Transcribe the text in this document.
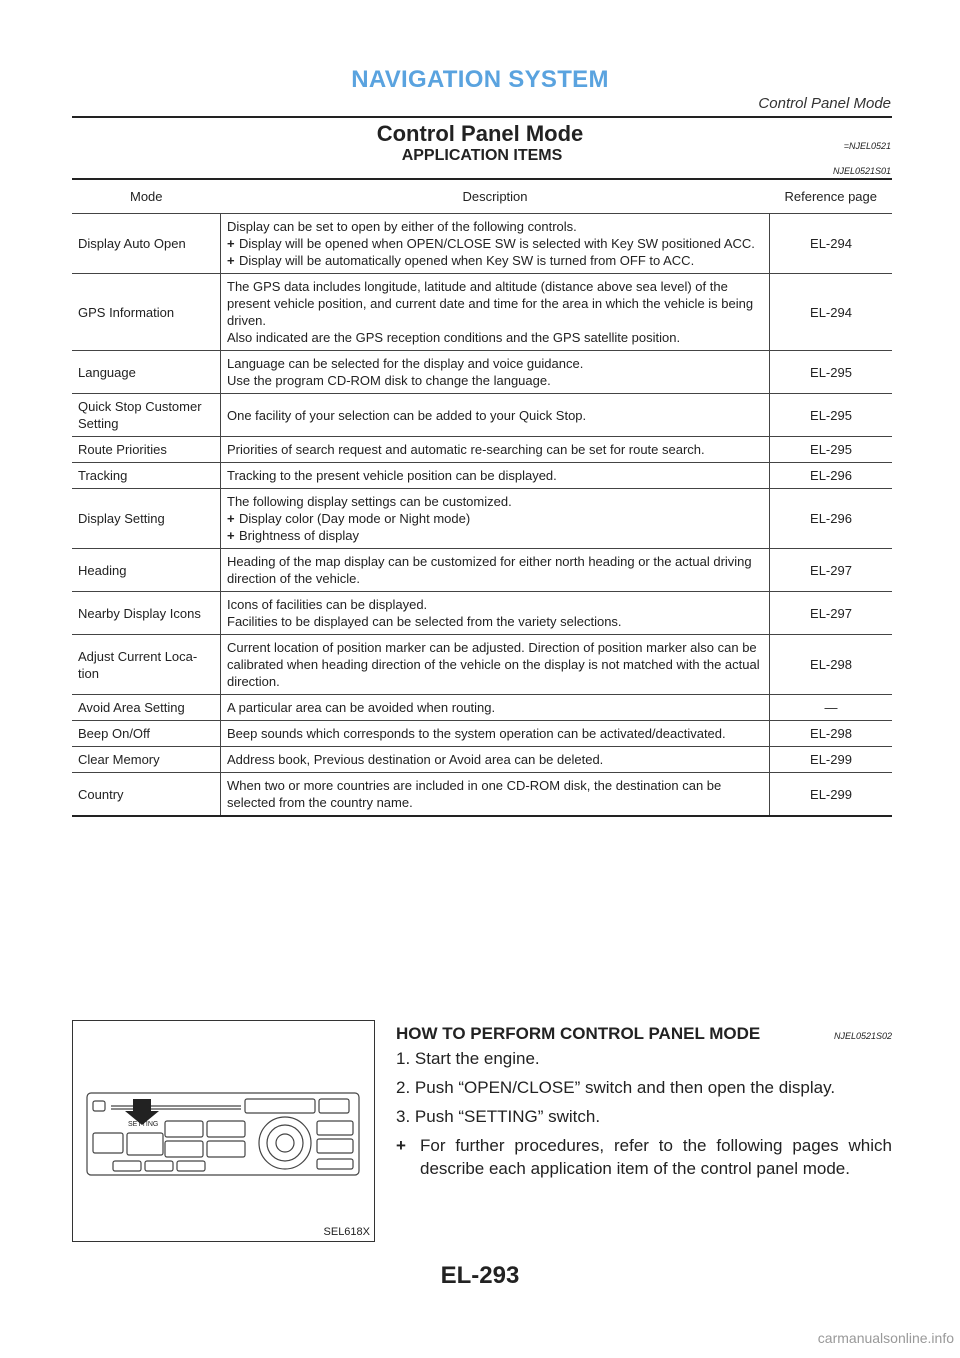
NAVIGATION SYSTEM
Control Panel Mode
Control Panel Mode	=NJEL0521
APPLICATION ITEMS
NJEL0521S01
Mode	Description	Reference page
Display Auto Open	Display can be set to open by either of the following controls.
+ Display will be opened when OPEN/CLOSE SW is selected with Key SW positioned ACC.
+ Display will be automatically opened when Key SW is turned from OFF to ACC.	EL-294
GPS Information	The GPS data includes longitude, latitude and altitude (distance above sea level) of the present vehicle position, and current date and time for the area in which the vehicle is being driven.
Also indicated are the GPS reception conditions and the GPS satellite position.	EL-294
Language	Language can be selected for the display and voice guidance.
Use the program CD-ROM disk to change the language.	EL-295
Quick Stop Customer Setting	One facility of your selection can be added to your Quick Stop.	EL-295
Route Priorities	Priorities of search request and automatic re-searching can be set for route search.	EL-295
Tracking	Tracking to the present vehicle position can be displayed.	EL-296
Display Setting	The following display settings can be customized.
+ Display color (Day mode or Night mode)
+ Brightness of display	EL-296
Heading	Heading of the map display can be customized for either north heading or the actual driving direction of the vehicle.	EL-297
Nearby Display Icons	Icons of facilities can be displayed.
Facilities to be displayed can be selected from the variety selections.	EL-297
Adjust Current Loca- tion	Current location of position marker can be adjusted. Direction of position marker also can be calibrated when heading direction of the vehicle on the display is not matched with the actual direction.	EL-298
Avoid Area Setting	A particular area can be avoided when routing.	—
Beep On/Off	Beep sounds which corresponds to the system operation can be activated/deactivated.	EL-298
Clear Memory	Address book, Previous destination or Avoid area can be deleted.	EL-299
Country	When two or more countries are included in one CD-ROM disk, the destination can be selected from the country name.	EL-299
SETTING
SEL618X
HOW TO PERFORM CONTROL PANEL MODE	NJEL0521S02

1. Start the engine.

2. Push “OPEN/CLOSE” switch and then open the display.

3. Push “SETTING” switch.

+ For further procedures, refer to the following pages which describe each application item of the control panel mode.

EL-293
carmanualsonline.info
